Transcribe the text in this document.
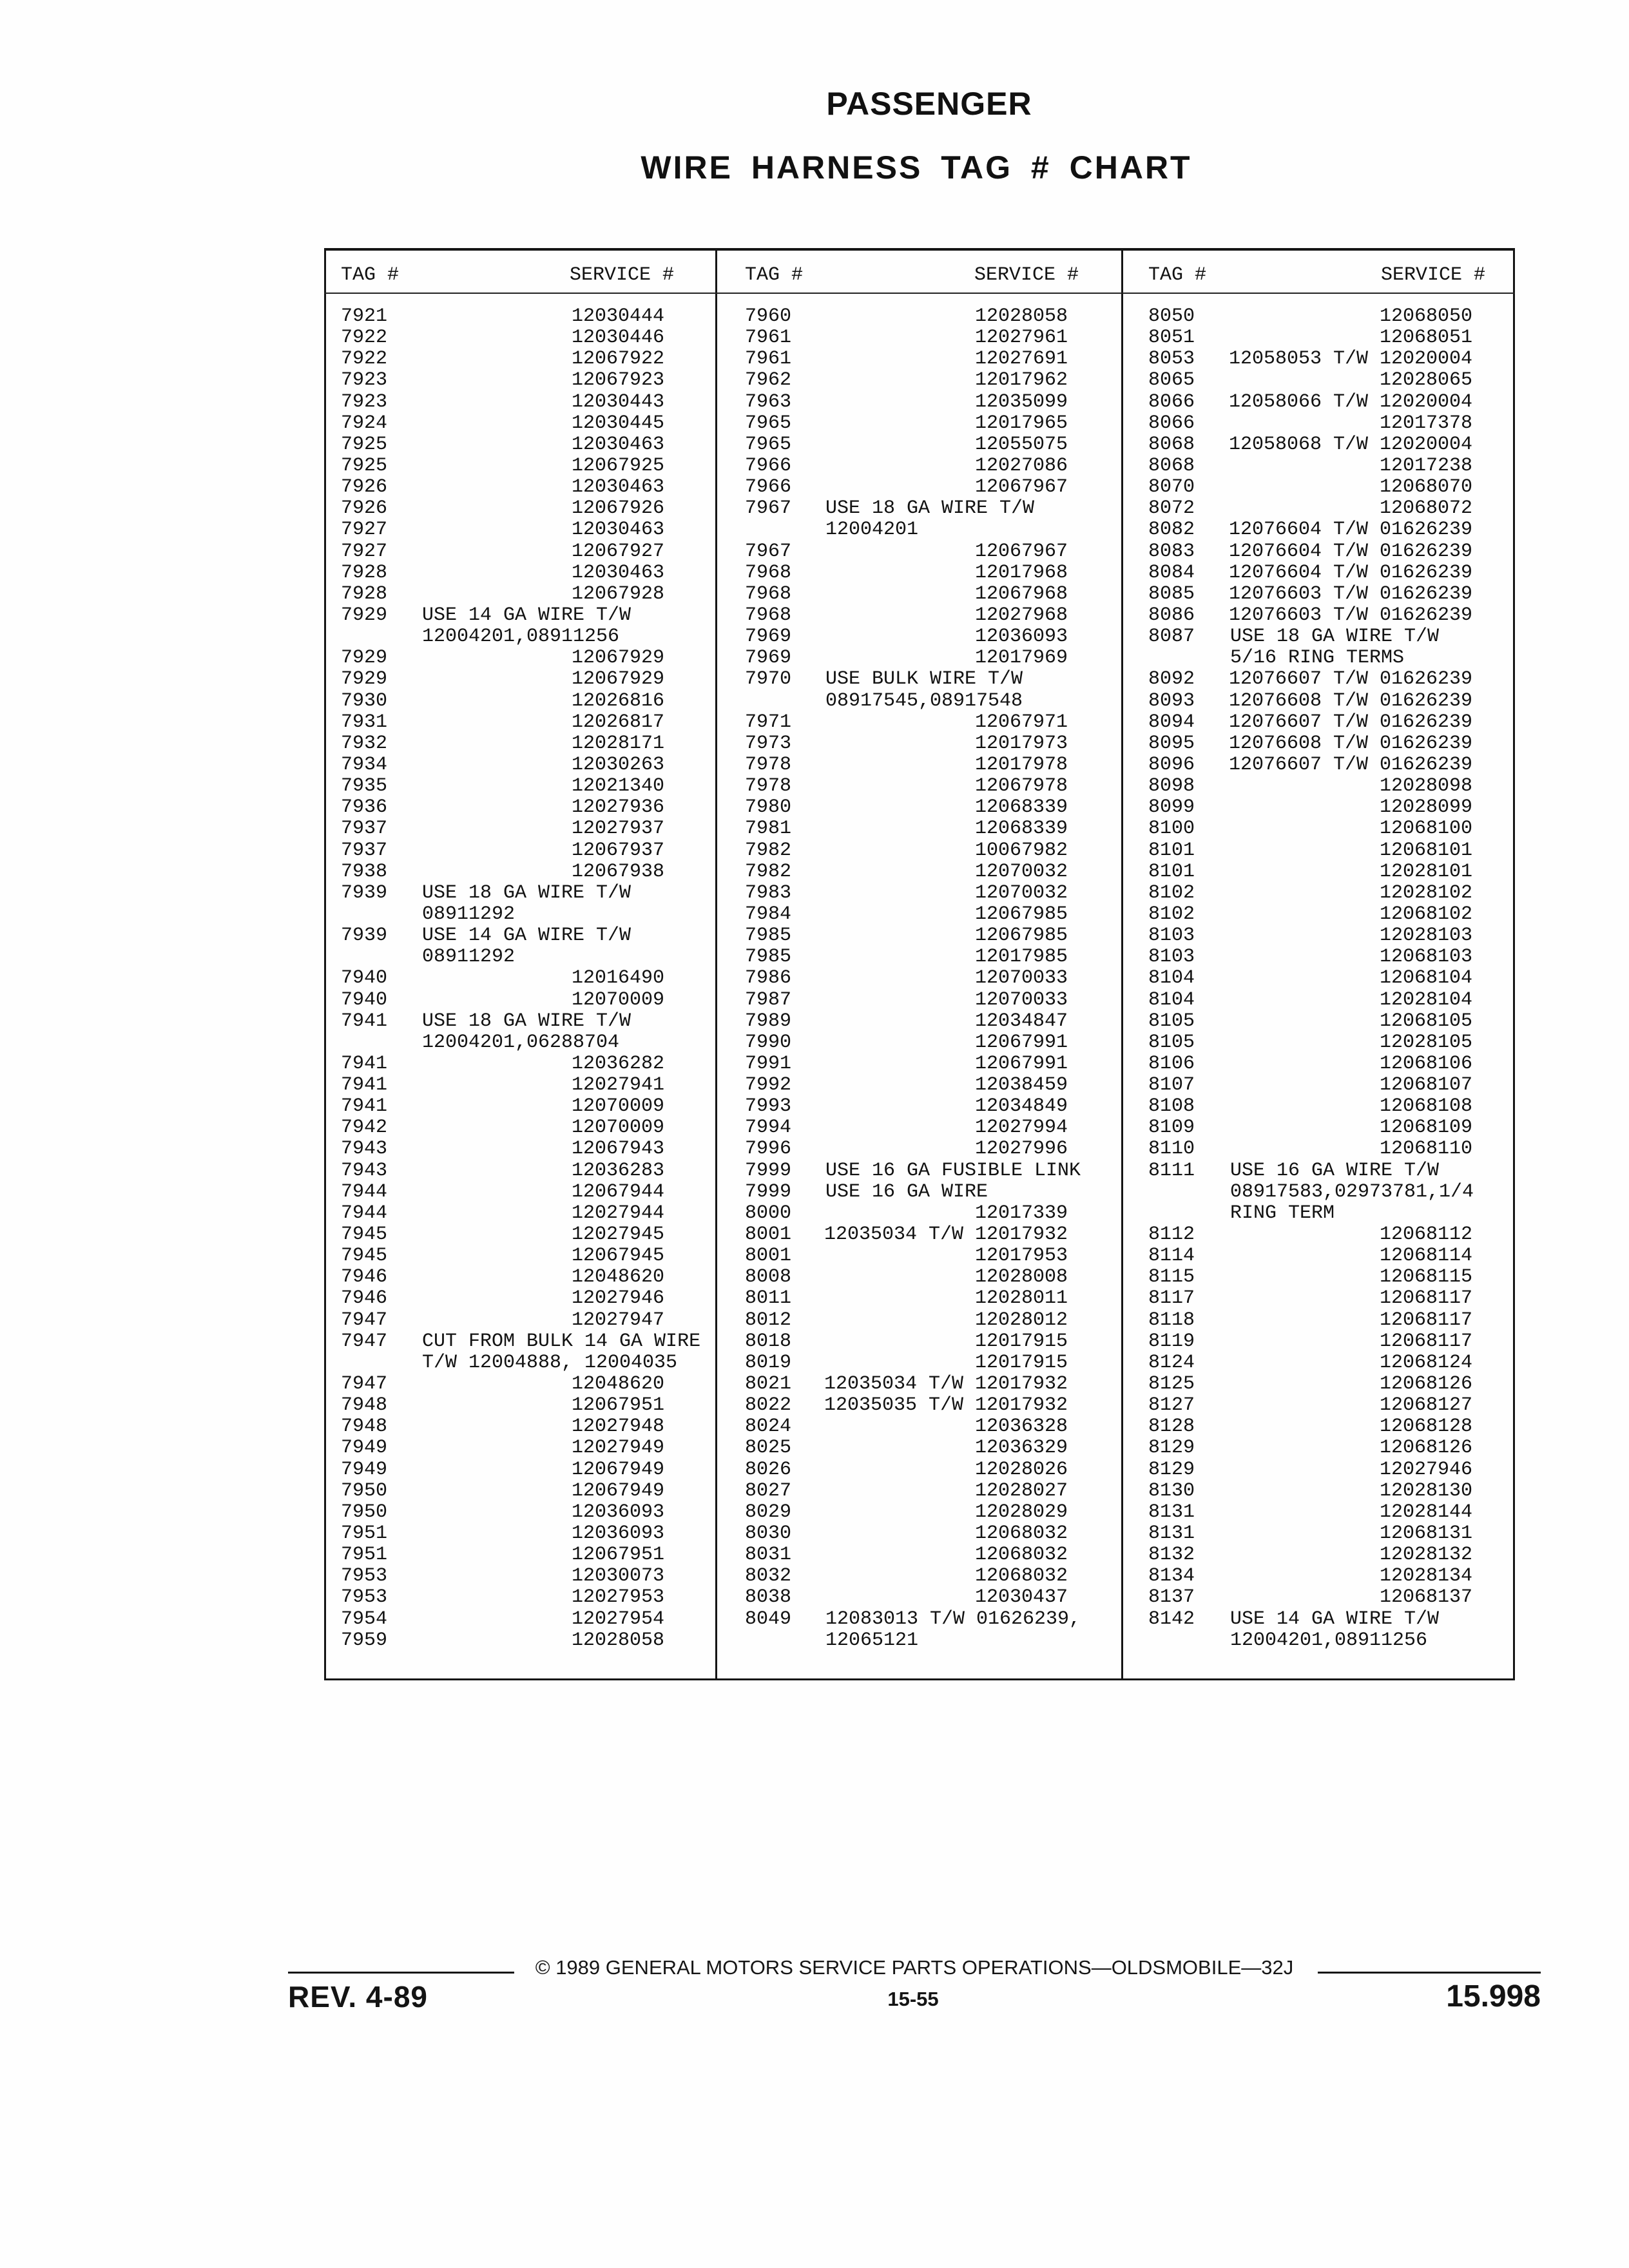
PASSENGER
WIRE HARNESS TAG # CHART
TAG #	SERVICE #
7921	12030444
7922	12030446
7922	12067922
7923	12067923
7923	12030443
7924	12030445
7925	12030463
7925	12067925
7926	12030463
7926	12067926
7927	12030463
7927	12067927
7928	12030463
7928	12067928
7929 USE 14 GA WIRE T/W
12004201,08911256
7929	12067929
7929	12067929
7930	12026816
7931	12026817
7932	12028171
7934	12030263
7935	12021340
7936	12027936
7937	12027937
7937	12067937
7938	12067938
7939 USE 18 GA WIRE T/W
08911292
7939 USE 14 GA WIRE T/W
08911292
7940	12016490
7940	12070009
7941 USE 18 GA WIRE T/W
12004201,06288704
7941	12036282
7941	12027941
7941	12070009
7942	12070009
7943	12067943
7943	12036283
7944	12067944
7944	12027944
7945	12027945
7945	12067945
7946	12048620
7946	12027946
7947	12027947
7947 CUT FROM BULK 14 GA WIRE
T/W 12004888, 12004035
7947	12048620
7948	12067951
7948	12027948
7949	12027949
7949	12067949
7950	12067949
7950	12036093
7951	12036093
7951	12067951
7953	12030073
7953	12027953
7954	12027954
7959	12028058
TAG #	SERVICE #
7960	12028058
7961	12027961
7961	12027691
7962	12017962
7963	12035099
7965	12017965
7965	12055075
7966	12027086
7966	12067967
7967 USE 18 GA WIRE T/W
12004201
7967	12067967
7968	12017968
7968	12067968
7968	12027968
7969	12036093
7969	12017969
7970 USE BULK WIRE T/W
08917545,08917548
7971	12067971
7973	12017973
7978	12017978
7978	12067978
7980	12068339
7981	12068339
7982	10067982
7982	12070032
7983	12070032
7984	12067985
7985	12067985
7985	12017985
7986	12070033
7987	12070033
7989	12034847
7990	12067991
7991	12067991
7992	12038459
7993	12034849
7994	12027994
7996	12027996
7999 USE 16 GA FUSIBLE LINK
7999 USE 16 GA WIRE
8000	12017339
8001 12035034 T/W 12017932
8001	12017953
8008	12028008
8011	12028011
8012	12028012
8018	12017915
8019	12017915
8021 12035034 T/W 12017932
8022 12035035 T/W 12017932
8024	12036328
8025	12036329
8026	12028026
8027	12028027
8029	12028029
8030	12068032
8031	12068032
8032	12068032
8038	12030437
8049 12083013 T/W 01626239,
12065121
TAG #	SERVICE #
8050	12068050
8051	12068051
8053 12058053 T/W 12020004
8065	12028065
8066 12058066 T/W 12020004
8066	12017378
8068 12058068 T/W 12020004
8068	12017238
8070	12068070
8072	12068072
8082 12076604 T/W 01626239
8083 12076604 T/W 01626239
8084 12076604 T/W 01626239
8085 12076603 T/W 01626239
8086 12076603 T/W 01626239
8087 USE 18 GA WIRE T/W
5/16 RING TERMS
8092 12076607 T/W 01626239
8093 12076608 T/W 01626239
8094 12076607 T/W 01626239
8095 12076608 T/W 01626239
8096 12076607 T/W 01626239
8098	12028098
8099	12028099
8100	12068100
8101	12068101
8101	12028101
8102	12028102
8102	12068102
8103	12028103
8103	12068103
8104	12068104
8104	12028104
8105	12068105
8105	12028105
8106	12068106
8107	12068107
8108	12068108
8109	12068109
8110	12068110
8111 USE 16 GA WIRE T/W
08917583,02973781,1/4
RING TERM
8112	12068112
8114	12068114
8115	12068115
8117	12068117
8118	12068117
8119	12068117
8124	12068124
8125	12068126
8127	12068127
8128	12068128
8129	12068126
8129	12027946
8130	12028130
8131	12028144
8131	12068131
8132	12028132
8134	12028134
8137	12068137
8142 USE 14 GA WIRE T/W
12004201,08911256
© 1989 GENERAL MOTORS SERVICE PARTS OPERATIONS—OLDSMOBILE—32J
REV. 4-89	15-55	15.998
